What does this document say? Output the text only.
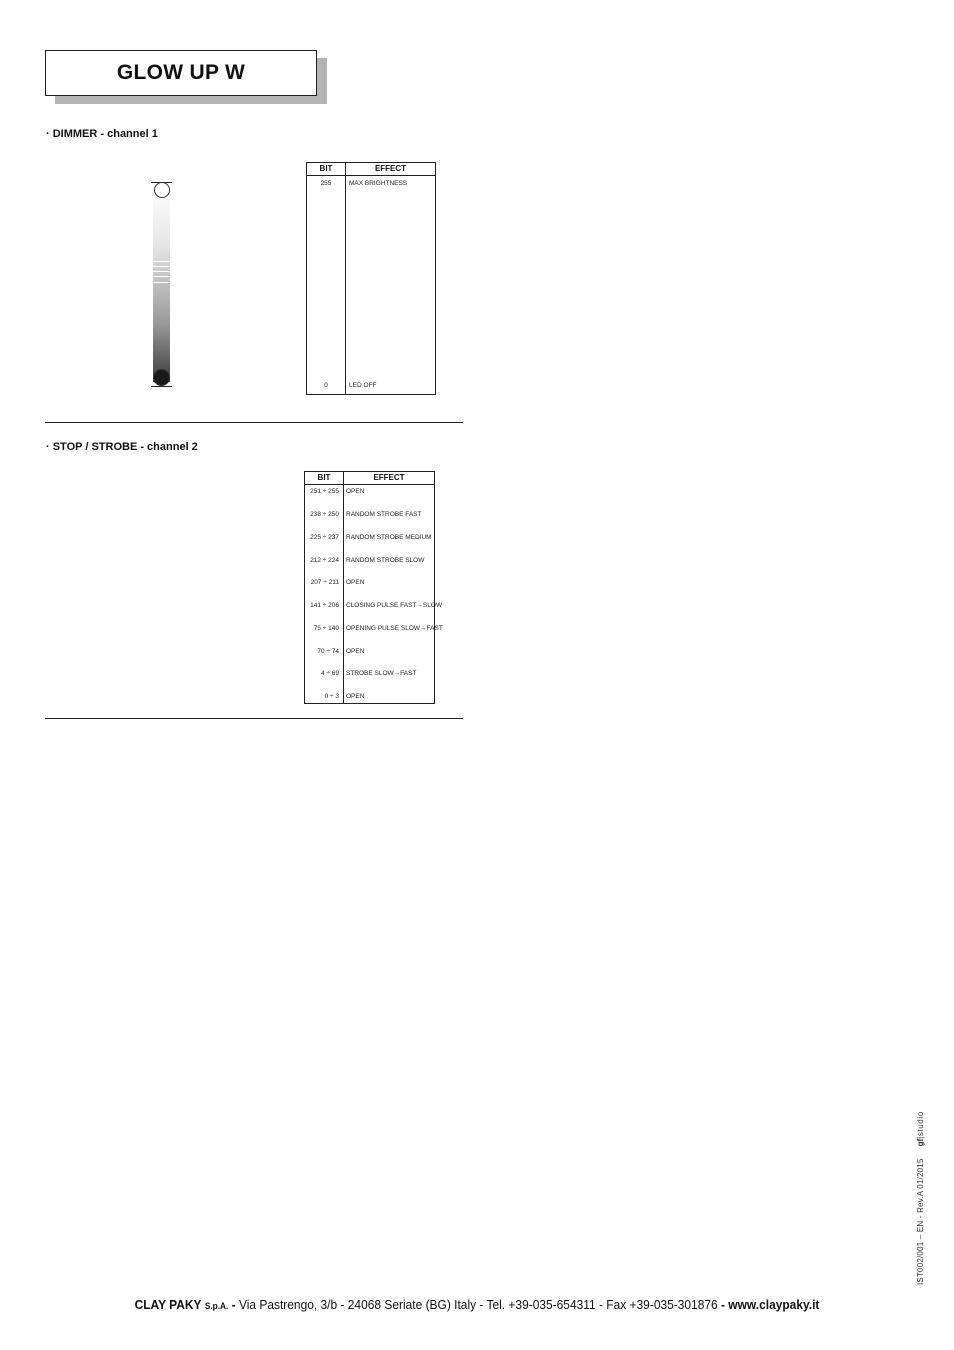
GLOW UP W
· DIMMER - channel 1
BIT	EFFECT
255	MAX BRIGHTNESS
0	LED OFF
· STOP / STROBE - channel 2
BIT	EFFECT
251 ÷ 255 OPEN
238 ÷ 250 RANDOM STROBE FAST
225 ÷ 237 RANDOM STROBE MEDIUM
212 ÷ 224 RANDOM STROBE SLOW
207 ÷ 211 OPEN
141 ÷ 206 CLOSING PULSE FAST→SLOW
75 ÷ 140 OPENING PULSE SLOW→FAST
70 ÷ 74 OPEN
4 ÷ 69 STROBE SLOW→FAST
0 ÷ 3 OPEN
IST002/001 – EN - Rev.A 01/2015gf|studio
CLAY PAKY S.p.A. - Via Pastrengo, 3/b - 24068 Seriate (BG) Italy - Tel. +39-035-654311 - Fax +39-035-301876 - www.claypaky.it
